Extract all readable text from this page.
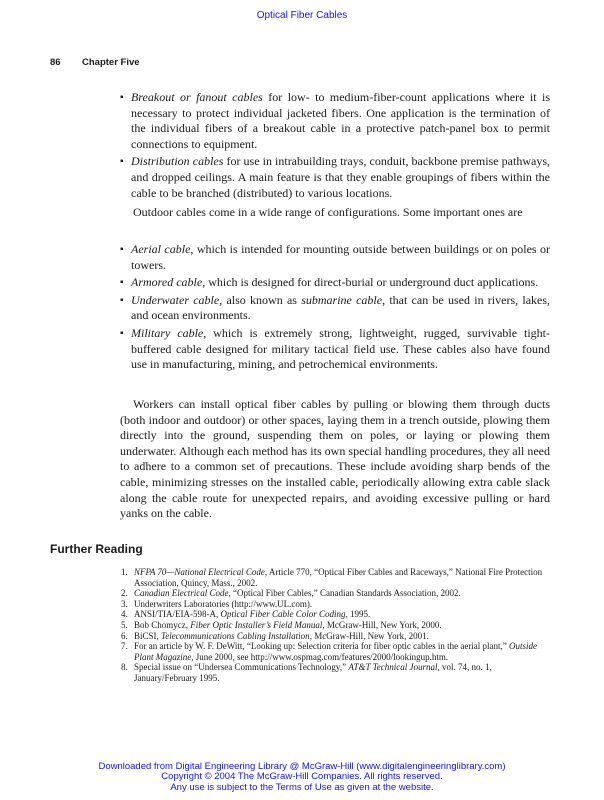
Optical Fiber Cables
86 Chapter Five
▪ Breakout or fanout cables for low- to medium-fiber-count applications where it is necessary to protect individual jacketed fibers. One application is the termination of the individual fibers of a breakout cable in a protective patch-panel box to permit connections to equipment.
▪ Distribution cables for use in intrabuilding trays, conduit, backbone premise pathways, and dropped ceilings. A main feature is that they enable groupings of fibers within the cable to be branched (distributed) to various locations.

Outdoor cables come in a wide range of configurations. Some important ones are

▪ Aerial cable, which is intended for mounting outside between buildings or on poles or towers.
▪ Armored cable, which is designed for direct-burial or underground duct applications.
▪ Underwater cable, also known as submarine cable, that can be used in rivers, lakes, and ocean environments.
▪ Military cable, which is extremely strong, lightweight, rugged, survivable tight-buffered cable designed for military tactical field use. These cables also have found use in manufacturing, mining, and petrochemical environments.

Workers can install optical fiber cables by pulling or blowing them through ducts (both indoor and outdoor) or other spaces, laying them in a trench outside, plowing them directly into the ground, suspending them on poles, or laying or plowing them underwater. Although each method has its own special handling procedures, they all need to adhere to a common set of precautions. These include avoiding sharp bends of the cable, minimizing stresses on the installed cable, periodically allowing extra cable slack along the cable route for unexpected repairs, and avoiding excessive pulling or hard yanks on the cable.

Further Reading
1. NFPA 70—National Electrical Code, Article 770, “Optical Fiber Cables and Raceways,” National Fire Protection Association, Quincy, Mass., 2002.
2. Canadian Electrical Code, “Optical Fiber Cables,” Canadian Standards Association, 2002.
3. Underwriters Laboratories (http://www.UL.com).
4. ANSI/TIA/EIA-598-A, Optical Fiber Cable Color Coding, 1995.
5. Bob Chomycz, Fiber Optic Installer’s Field Manual, McGraw-Hill, New York, 2000.
6. BiCSI, Telecommunications Cabling Installation, McGraw-Hill, New York, 2001.
7. For an article by W. F. DeWitt, “Looking up: Selection criteria for fiber optic cables in the aerial plant,” Outside Plant Magazine, June 2000, see http://www.ospmag.com/features/2000/lookingup.htm.
8. Special issue on “Undersea Communications Technology,” AT&T Technical Journal, vol. 74, no. 1, January/February 1995.
Downloaded from Digital Engineering Library @ McGraw-Hill (www.digitalengineeringlibrary.com)
Copyright © 2004 The McGraw-Hill Companies. All rights reserved.
Any use is subject to the Terms of Use as given at the website.
